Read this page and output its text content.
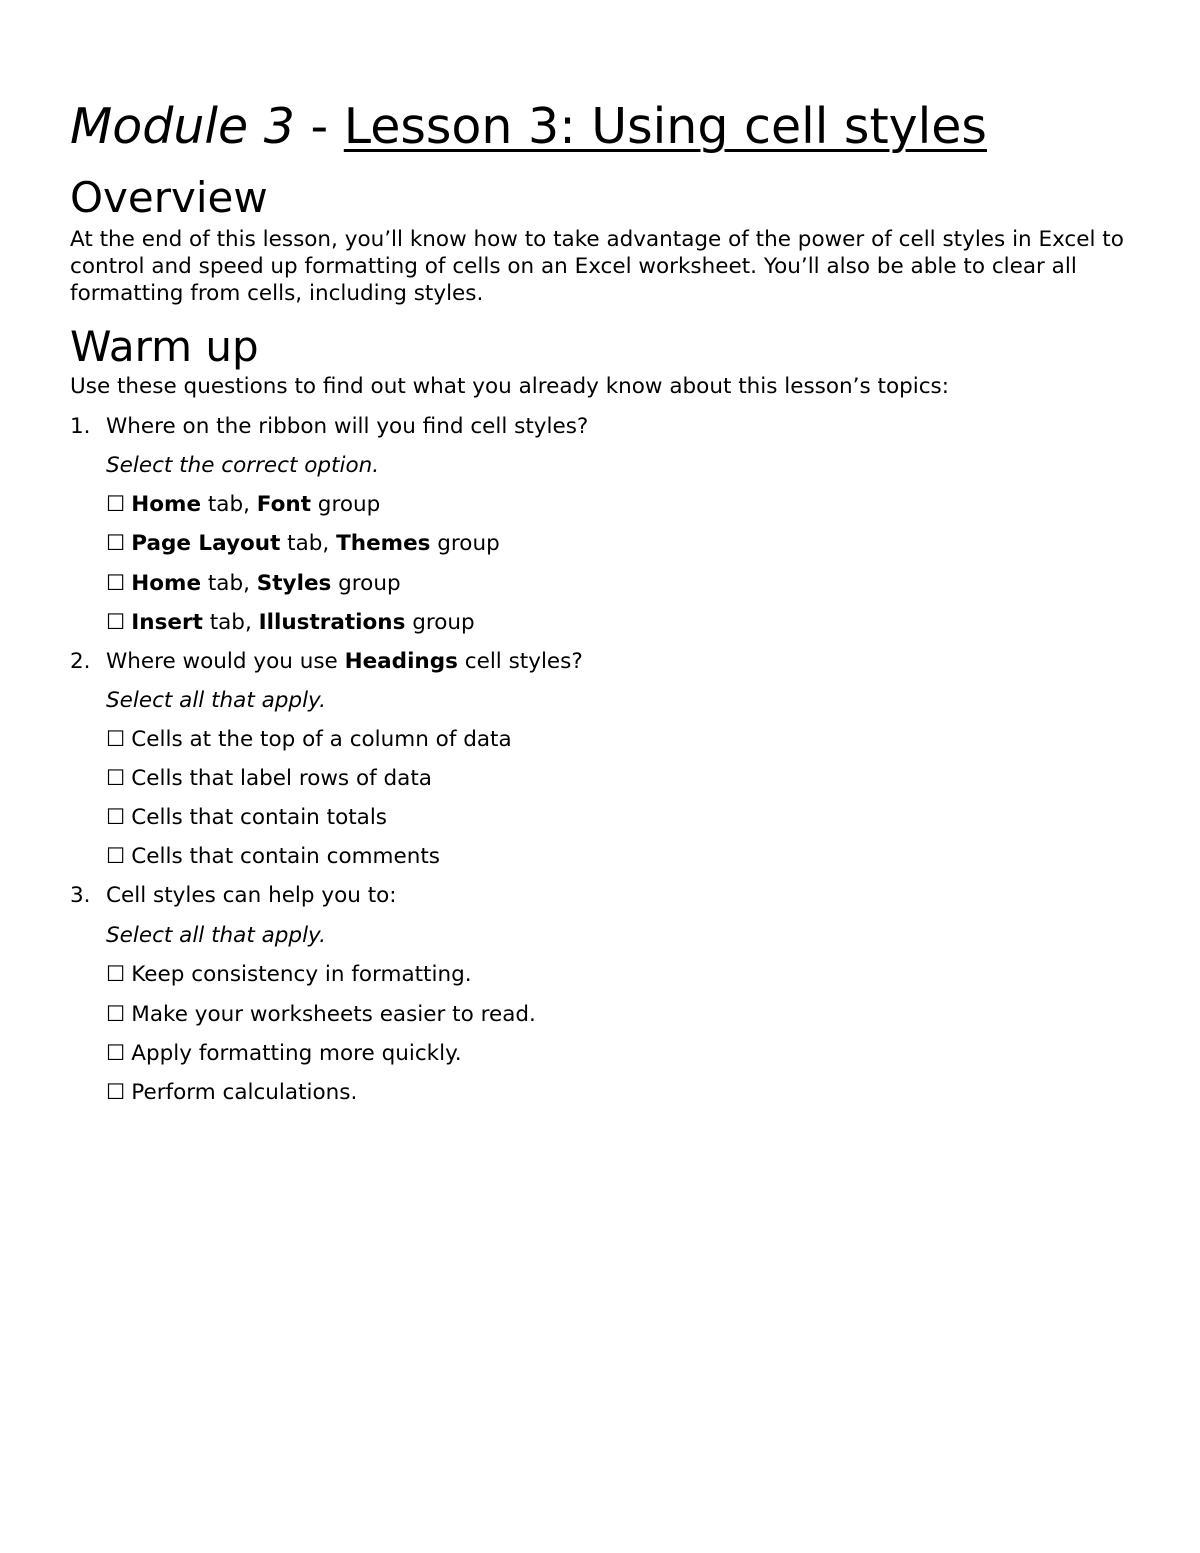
Module 3 - Lesson 3: Using cell styles
Overview

At the end of this lesson, you’ll know how to take advantage of the power of cell styles in Excel to control and speed up formatting of cells on an Excel worksheet. You’ll also be able to clear all formatting from cells, including styles.

Warm up

Use these questions to find out what you already know about this lesson’s topics:

1. Where on the ribbon will you find cell styles?
Select the correct option.
☐ Home tab, Font group
☐ Page Layout tab, Themes group
☐ Home tab, Styles group
☐ Insert tab, Illustrations group
2. Where would you use Headings cell styles?
Select all that apply.
☐ Cells at the top of a column of data
☐ Cells that label rows of data
☐ Cells that contain totals
☐ Cells that contain comments
3. Cell styles can help you to:
Select all that apply.
☐ Keep consistency in formatting.
☐ Make your worksheets easier to read.
☐ Apply formatting more quickly.
☐ Perform calculations.
